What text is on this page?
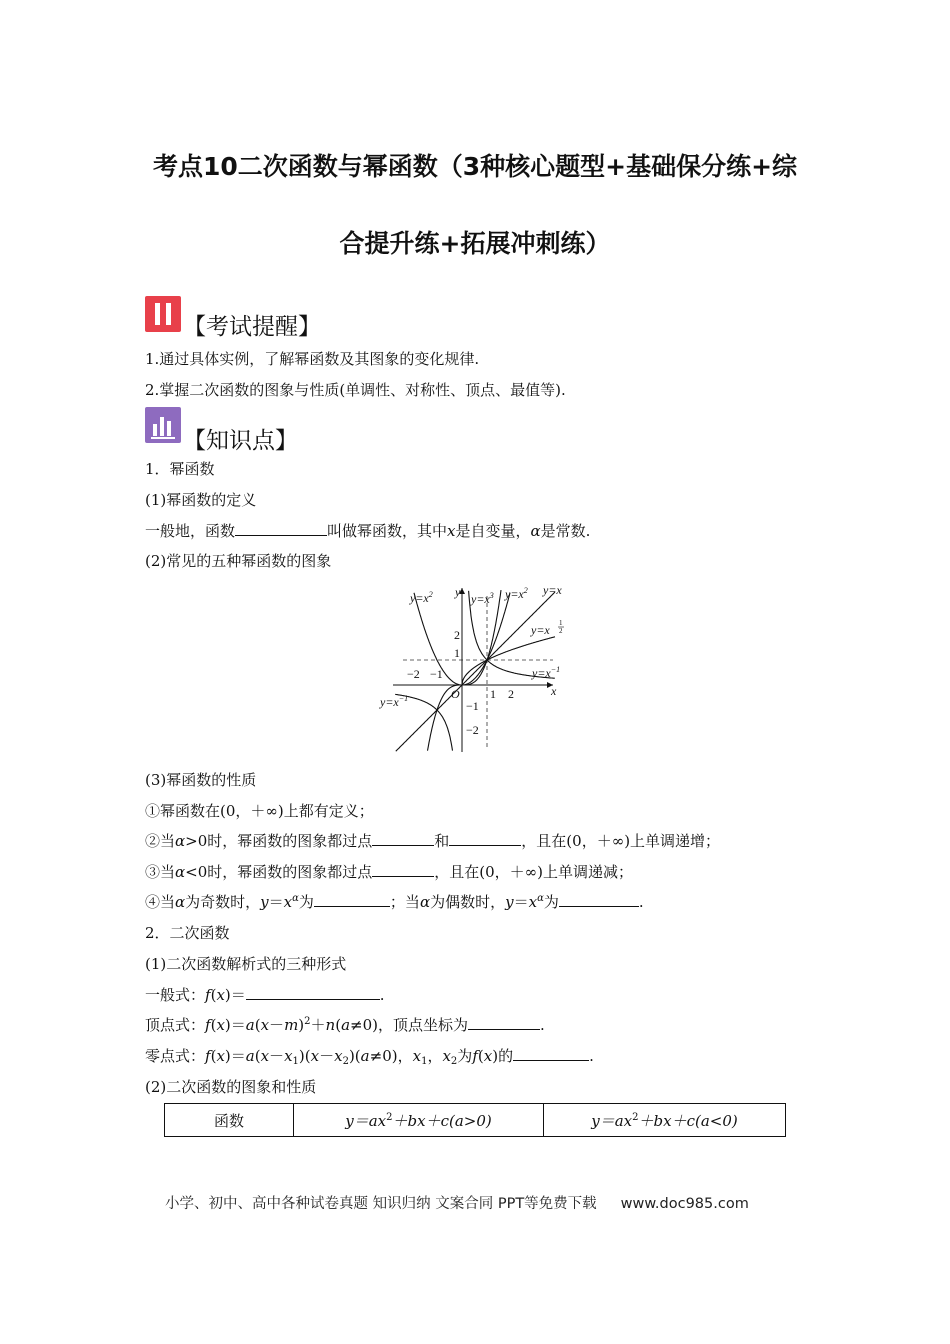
考点10二次函数与幂函数（3种核心题型+基础保分练+综
合提升练+拓展冲刺练）
【考试提醒】
1.通过具体实例，了解幂函数及其图象的变化规律.
2.掌握二次函数的图象与性质(单调性、对称性、顶点、最值等).
【知识点】
1．幂函数
(1)幂函数的定义
一般地，函数	叫做幂函数，其中x是自变量，α是常数.
(2)常见的五种幂函数的图象
$y=x^2$ y $y=x^3$ $y=x^2$ y=x
y=x 1
2
$y=x^{-1}$
$y=x^{-1}$
x
O
2
1
−1
−2
−2 −1
1 2
(3)幂函数的性质
①幂函数在(0，＋∞)上都有定义；
②当α>0时，幂函数的图象都过点	和	，且在(0，＋∞)上单调递增；
③当α<0时，幂函数的图象都过点	，且在(0，＋∞)上单调递减；
④当α为奇数时，$y=x^\alpha$为	；当α为偶数时，$y=x^\alpha$为	.
2．二次函数
(1)二次函数解析式的三种形式
一般式：f(x)＝	.
顶点式：$f(x)=a(x-m)^2+n(a\ne 0)$，顶点坐标为	.
零点式：$f(x)=a(x-x_1)(x-x_2)(a\ne 0)$，$x_1$，$x_2$为f(x)的	.
(2)二次函数的图象和性质
函数	$y=ax^2+bx+c(a>0)$	$y=ax^2+bx+c(a<0)$
小学、初中、高中各种试卷真题 知识归纳 文案合同 PPT等免费下载 www.doc985.com
